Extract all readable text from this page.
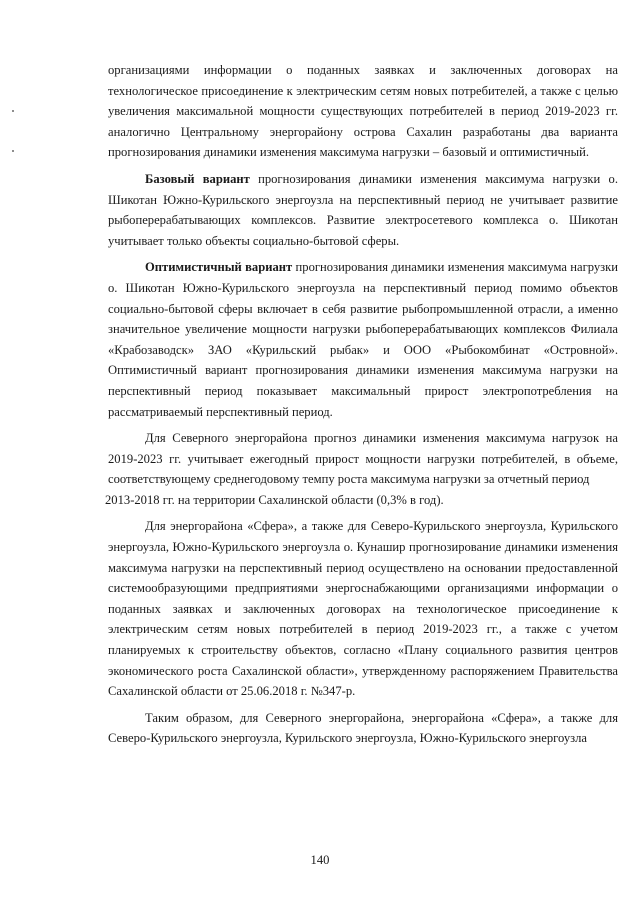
организациями информации о поданных заявках и заключенных договорах на технологическое присоединение к электрическим сетям новых потребителей, а также с целью увеличения максимальной мощности существующих потребителей в период 2019-2023 гг. аналогично Центральному энергорайону острова Сахалин разработаны два варианта прогнозирования динамики изменения максимума нагрузки – базовый и оптимистичный.

Базовый вариант прогнозирования динамики изменения максимума нагрузки о. Шикотан Южно-Курильского энергоузла на перспективный период не учитывает развитие рыбоперерабатывающих комплексов. Развитие электросетевого комплекса о. Шикотан учитывает только объекты социально-бытовой сферы.

Оптимистичный вариант прогнозирования динамики изменения максимума нагрузки о. Шикотан Южно-Курильского энергоузла на перспективный период помимо объектов социально-бытовой сферы включает в себя развитие рыбопромышленной отрасли, а именно значительное увеличение мощности нагрузки рыбоперерабатывающих комплексов Филиала «Крабозаводск» ЗАО «Курильский рыбак» и ООО «Рыбокомбинат «Островной». Оптимистичный вариант прогнозирования динамики изменения максимума нагрузки на перспективный период показывает максимальный прирост электропотребления на рассматриваемый перспективный период.

Для Северного энергорайона прогноз динамики изменения максимума нагрузок на 2019-2023 гг. учитывает ежегодный прирост мощности нагрузки потребителей, в объеме, соответствующему среднегодовому темпу роста максимума нагрузки за отчетный период

2013-2018 гг. на территории Сахалинской области (0,3% в год).

Для энергорайона «Сфера», а также для Северо-Курильского энергоузла, Курильского энергоузла, Южно-Курильского энергоузла о. Кунашир прогнозирование динамики изменения максимума нагрузки на перспективный период осуществлено на основании предоставленной системообразующими предприятиями энергоснабжающими организациями информации о поданных заявках и заключенных договорах на технологическое присоединение к электрическим сетям новых потребителей в период 2019-2023 гг., а также с учетом планируемых к строительству объектов, согласно «Плану социального развития центров экономического роста Сахалинской области», утвержденному распоряжением Правительства Сахалинской области от 25.06.2018 г. №347-р.

Таким образом, для Северного энергорайона, энергорайона «Сфера», а также для Северо-Курильского энергоузла, Курильского энергоузла, Южно-Курильского энергоузла

140
